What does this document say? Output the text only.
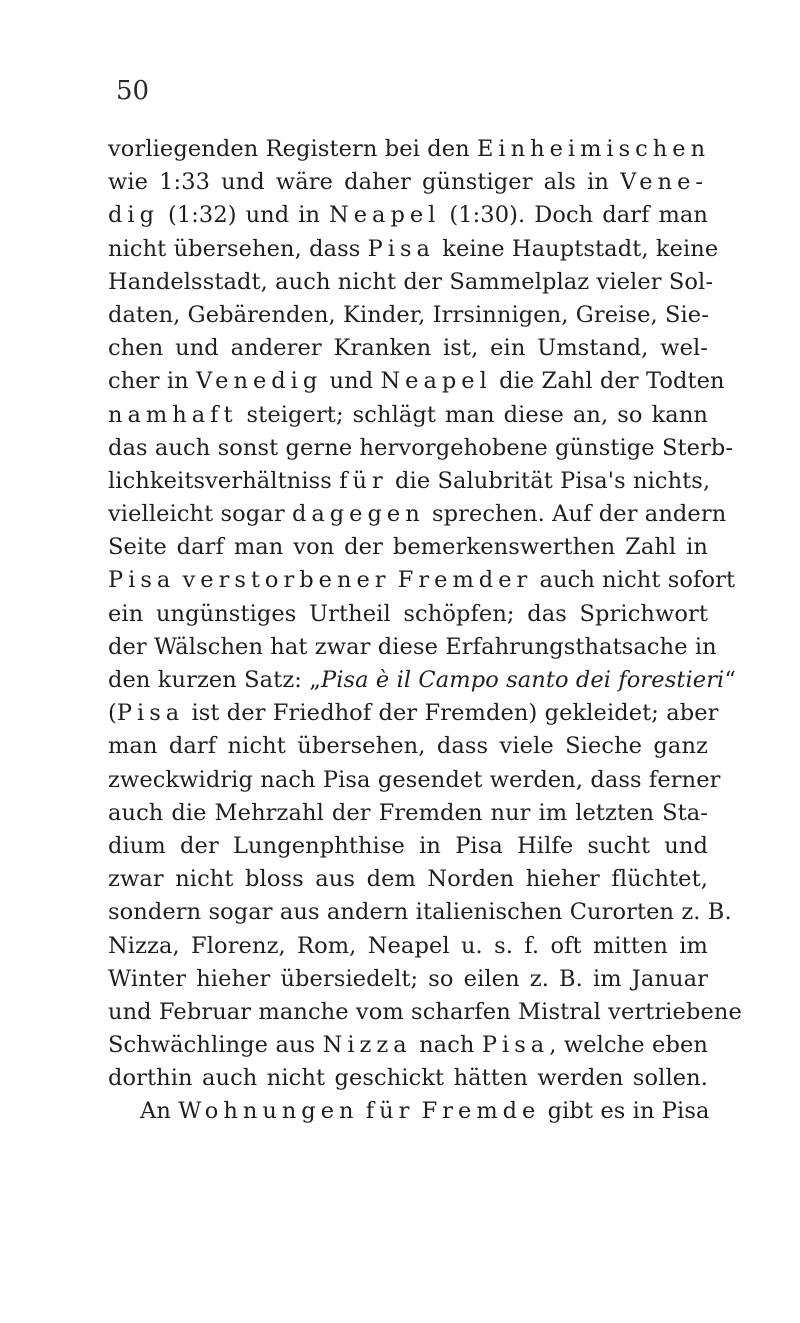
50
vorliegenden Registern bei den Einheimischen
wie 1:33 und wäre daher günstiger als in Vene-
dig (1:32) und in Neapel (1:30). Doch darf man
nicht übersehen, dass Pisa keine Hauptstadt, keine
Handelsstadt, auch nicht der Sammelplaz vieler Sol-
daten, Gebärenden, Kinder, Irrsinnigen, Greise, Sie-
chen und anderer Kranken ist, ein Umstand, wel-
cher in Venedig und Neapel die Zahl der Todten
namhaft steigert; schlägt man diese an, so kann
das auch sonst gerne hervorgehobene günstige Sterb-
lichkeitsverhältniss für die Salubrität Pisa's nichts,
vielleicht sogar dagegen sprechen. Auf der andern
Seite darf man von der bemerkenswerthen Zahl in
Pisa verstorbener Fremder auch nicht sofort
ein ungünstiges Urtheil schöpfen; das Sprichwort
der Wälschen hat zwar diese Erfahrungsthatsache in
den kurzen Satz: „Pisa è il Campo santo dei forestieri“
(Pisa ist der Friedhof der Fremden) gekleidet; aber
man darf nicht übersehen, dass viele Sieche ganz
zweckwidrig nach Pisa gesendet werden, dass ferner
auch die Mehrzahl der Fremden nur im letzten Sta-
dium der Lungenphthise in Pisa Hilfe sucht und
zwar nicht bloss aus dem Norden hieher flüchtet,
sondern sogar aus andern italienischen Curorten z. B.
Nizza, Florenz, Rom, Neapel u. s. f. oft mitten im
Winter hieher übersiedelt; so eilen z. B. im Januar
und Februar manche vom scharfen Mistral vertriebene
Schwächlinge aus Nizza nach Pisa, welche eben
dorthin auch nicht geschickt hätten werden sollen.
An Wohnungen für Fremde gibt es in Pisa
